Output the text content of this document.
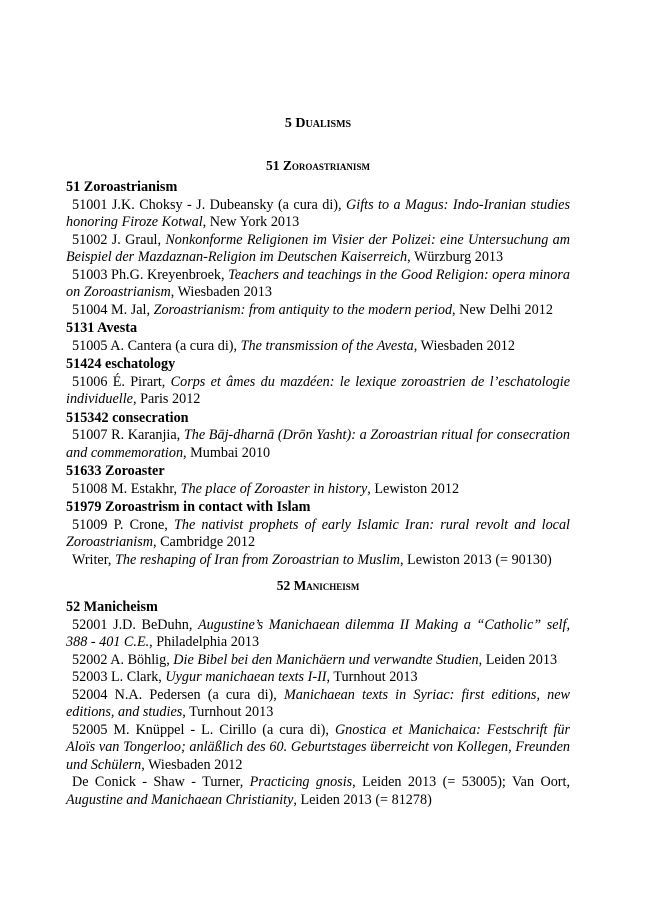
5 Dualisms
51 Zoroastrianism
51 Zoroastrianism
51001 J.K. Choksy - J. Dubeansky (a cura di), Gifts to a Magus: Indo-Iranian studies honoring Firoze Kotwal, New York 2013
51002 J. Graul, Nonkonforme Religionen im Visier der Polizei: eine Untersuchung am Beispiel der Mazdaznan-Religion im Deutschen Kaiserreich, Würzburg 2013
51003 Ph.G. Kreyenbroek, Teachers and teachings in the Good Religion: opera minora on Zoroastrianism, Wiesbaden 2013
51004 M. Jal, Zoroastrianism: from antiquity to the modern period, New Delhi 2012
5131 Avesta
51005 A. Cantera (a cura di), The transmission of the Avesta, Wiesbaden 2012
51424 eschatology
51006 É. Pirart, Corps et âmes du mazdéen: le lexique zoroastrien de l’eschatologie individuelle, Paris 2012
515342 consecration
51007 R. Karanjia, The Bāj-dharnā (Drōn Yasht): a Zoroastrian ritual for consecration and commemoration, Mumbai 2010
51633 Zoroaster
51008 M. Estakhr, The place of Zoroaster in history, Lewiston 2012
51979 Zoroastrism in contact with Islam
51009 P. Crone, The nativist prophets of early Islamic Iran: rural revolt and local Zoroastrianism, Cambridge 2012
Writer, The reshaping of Iran from Zoroastrian to Muslim, Lewiston 2013 (= 90130)
52 Manicheism
52 Manicheism
52001 J.D. BeDuhn, Augustine’s Manichaean dilemma II Making a “Catholic” self, 388 - 401 C.E., Philadelphia 2013
52002 A. Böhlig, Die Bibel bei den Manichäern und verwandte Studien, Leiden 2013
52003 L. Clark, Uygur manichaean texts I-II, Turnhout 2013
52004 N.A. Pedersen (a cura di), Manichaean texts in Syriac: first editions, new editions, and studies, Turnhout 2013
52005 M. Knüppel - L. Cirillo (a cura di), Gnostica et Manichaica: Festschrift für Aloïs van Tongerloo; anläßlich des 60. Geburtstages überreicht von Kollegen, Freunden und Schülern, Wiesbaden 2012
De Conick - Shaw - Turner, Practicing gnosis, Leiden 2013 (= 53005); Van Oort, Augustine and Manichaean Christianity, Leiden 2013 (= 81278)
